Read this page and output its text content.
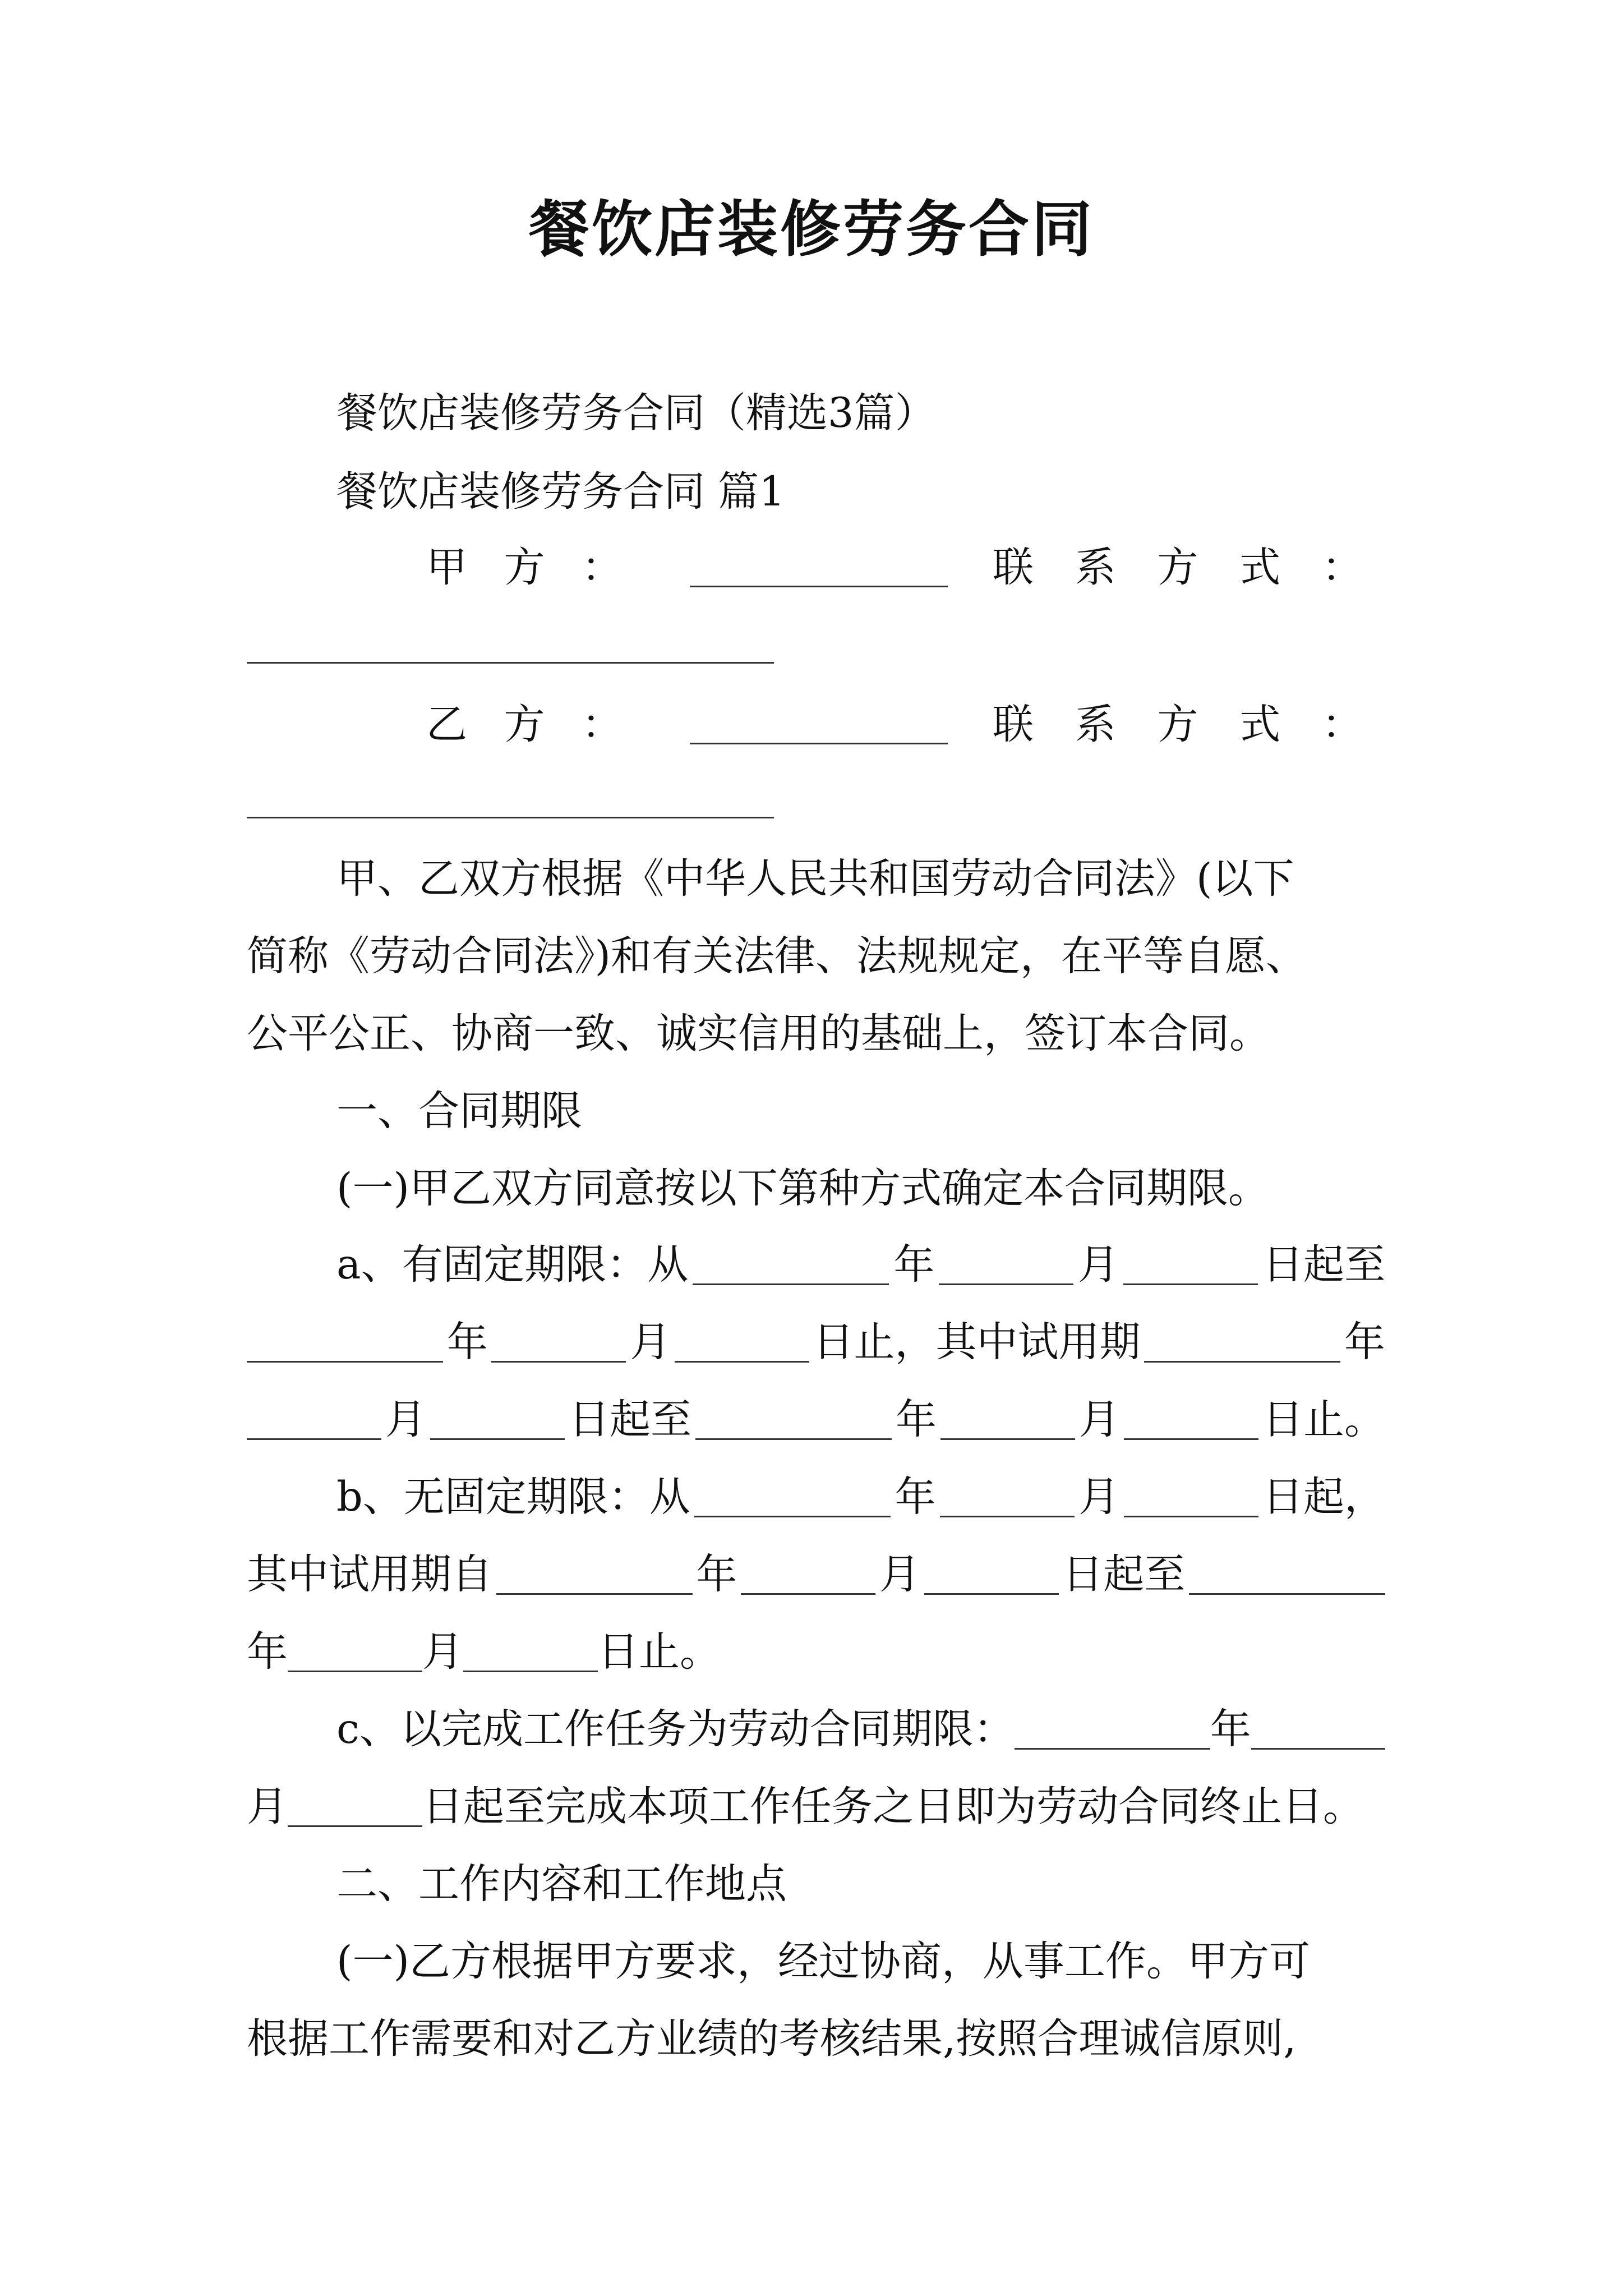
餐饮店装修劳务合同
餐饮店装修劳务合同（精选3篇）
餐饮店装修劳务合同 篇1
甲 方 ：	联 系 方 式 ：
乙 方 ：	联 系 方 式 ：
甲、乙双方根据《中华人民共和国劳动合同法》(以下
简称《劳动合同法》)和有关法律、法规规定，在平等自愿、
公平公正、协商一致、诚实信用的基础上，签订本合同。
一、合同期限
(一)甲乙双方同意按以下第种方式确定本合同期限。
a、有固定期限：从	年	月	日起至
年	月	日止，其中试用期	年
月	日起至	年	月	日止。
b、无固定期限：从	年	月	日起，
其中试用期自	年	月	日起至
年	月	日止。
c、以完成工作任务为劳动合同期限：	年
月	日起至完成本项工作任务之日即为劳动合同终止日。
二、工作内容和工作地点
(一)乙方根据甲方要求，经过协商，从事工作。甲方可
根据工作需要和对乙方业绩的考核结果,按照合理诚信原则,
